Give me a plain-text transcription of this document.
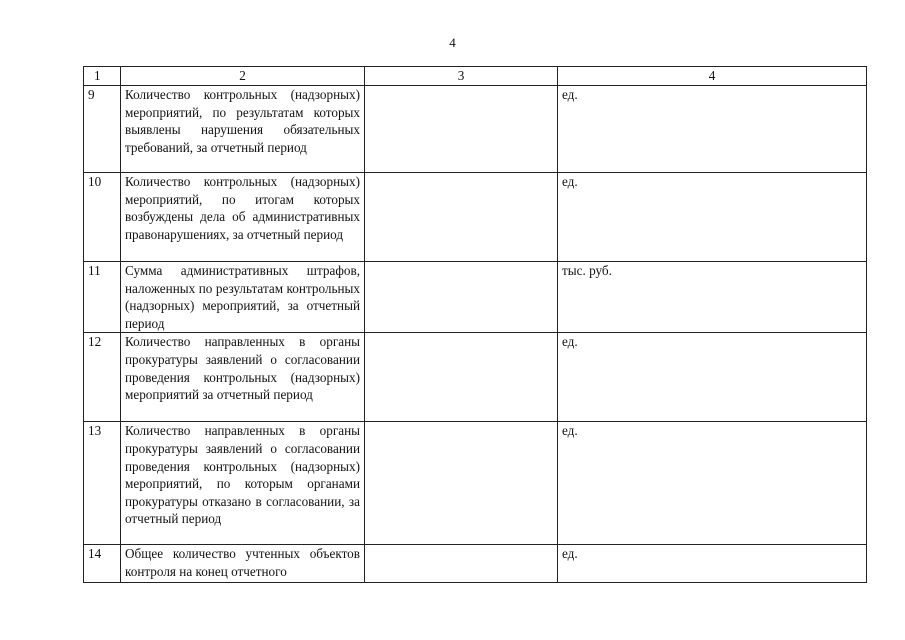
4
1	2	3	4
9	Количество контрольных (надзорных) мероприятий, по результатам которых выявлены нарушения обязательных требований, за отчетный период		ед.
10	Количество контрольных (надзорных) мероприятий, по итогам которых возбуждены дела об административных правонарушениях, за отчетный период		ед.
11	Сумма административных штрафов, наложенных по результатам контрольных (надзорных) мероприятий, за отчетный период		тыс. руб.
12	Количество направленных в органы прокуратуры заявлений о согласовании проведения контрольных (надзорных) мероприятий за отчетный период		ед.
13	Количество направленных в органы прокуратуры заявлений о согласовании проведения контрольных (надзорных) мероприятий, по которым органами прокуратуры отказано в согласовании, за отчетный период		ед.
14	Общее количество учтенных объектов контроля на конец отчетного		ед.
